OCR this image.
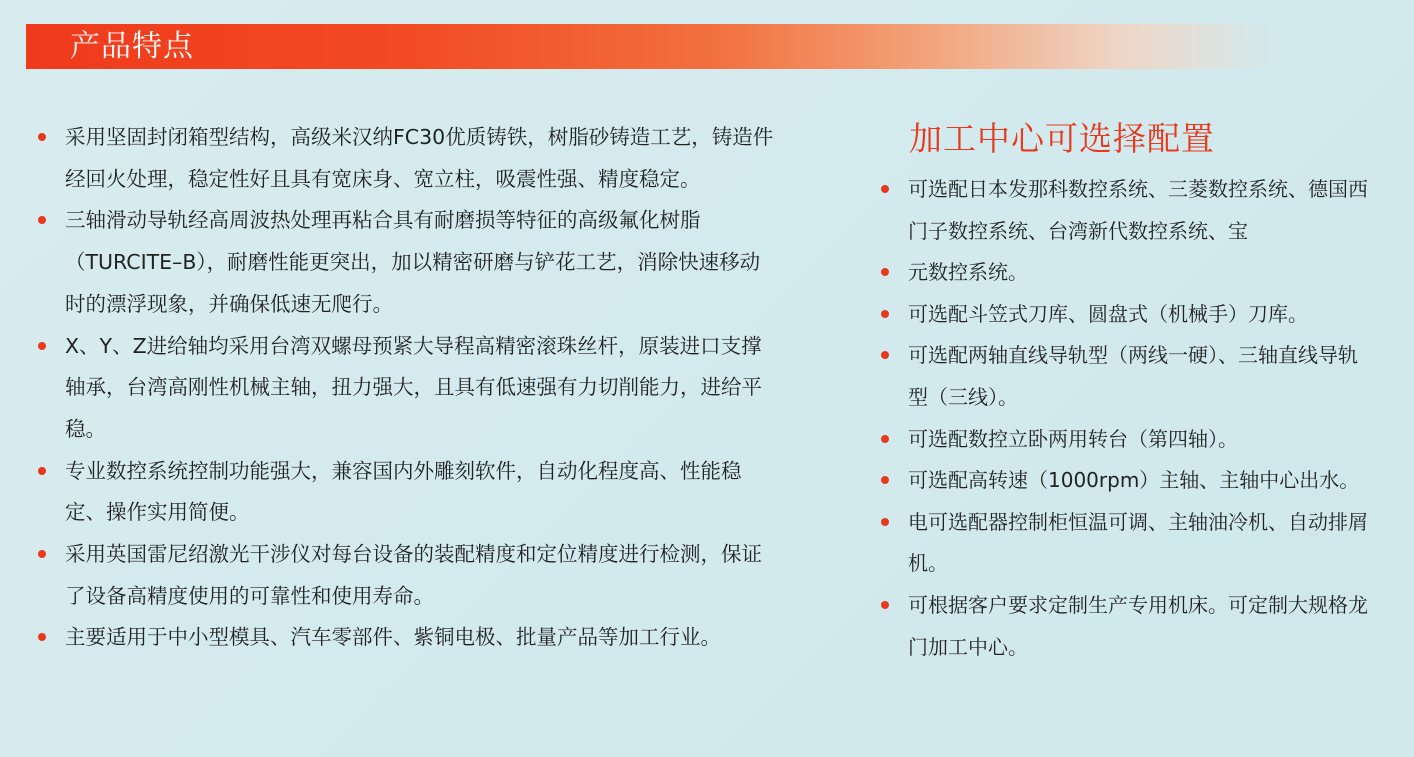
产品特点
采用坚固封闭箱型结构，高级米汉纳FC30优质铸铁，树脂砂铸造工艺，铸造件经回火处理，稳定性好且具有宽床身、宽立柱，吸震性强、精度稳定。
三轴滑动导轨经高周波热处理再粘合具有耐磨损等特征的高级氟化树脂（TURCITE–B），耐磨性能更突出，加以精密研磨与铲花工艺，消除快速移动时的漂浮现象，并确保低速无爬行。
X、Y、Z进给轴均采用台湾双螺母预紧大导程高精密滚珠丝杆，原装进口支撑轴承，台湾高刚性机械主轴，扭力强大，且具有低速强有力切削能力，进给平稳。
专业数控系统控制功能强大，兼容国内外雕刻软件，自动化程度高、性能稳定、操作实用简便。
采用英国雷尼绍激光干涉仪对每台设备的装配精度和定位精度进行检测，保证了设备高精度使用的可靠性和使用寿命。
主要适用于中小型模具、汽车零部件、紫铜电极、批量产品等加工行业。
加工中心可选择配置
可选配日本发那科数控系统、三菱数控系统、德国西门子数控系统、台湾新代数控系统、宝
元数控系统。
可选配斗笠式刀库、圆盘式（机械手）刀库。
可选配两轴直线导轨型（两线一硬）、三轴直线导轨型（三线）。
可选配数控立卧两用转台（第四轴）。
可选配高转速（1000rpm）主轴、主轴中心出水。
电可选配器控制柜恒温可调、主轴油冷机、自动排屑机。
可根据客户要求定制生产专用机床。可定制大规格龙门加工中心。
